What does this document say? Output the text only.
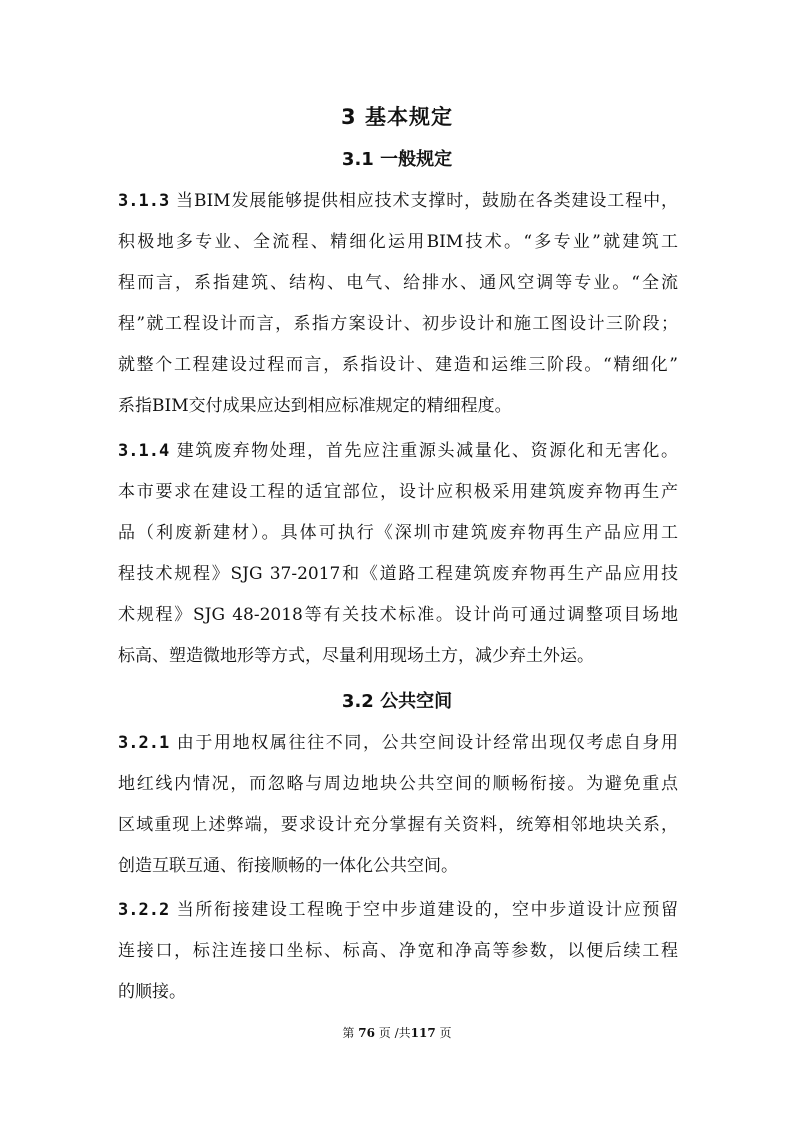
3 基本规定
3.1 一般规定
3.1.3 当BIM发展能够提供相应技术支撑时，鼓励在各类建设工程中，
积极地多专业、全流程、精细化运用BIM技术。“多专业”就建筑工
程而言，系指建筑、结构、电气、给排水、通风空调等专业。“全流
程”就工程设计而言，系指方案设计、初步设计和施工图设计三阶段；
就整个工程建设过程而言，系指设计、建造和运维三阶段。“精细化”
系指BIM交付成果应达到相应标准规定的精细程度。
3.1.4 建筑废弃物处理，首先应注重源头减量化、资源化和无害化。
本市要求在建设工程的适宜部位，设计应积极采用建筑废弃物再生产
品（利废新建材）。具体可执行《深圳市建筑废弃物再生产品应用工
程技术规程》SJG 37-2017和《道路工程建筑废弃物再生产品应用技
术规程》SJG 48-2018等有关技术标准。设计尚可通过调整项目场地
标高、塑造微地形等方式，尽量利用现场土方，减少弃土外运。
3.2 公共空间
3.2.1 由于用地权属往往不同，公共空间设计经常出现仅考虑自身用
地红线内情况，而忽略与周边地块公共空间的顺畅衔接。为避免重点
区域重现上述弊端，要求设计充分掌握有关资料，统筹相邻地块关系，
创造互联互通、衔接顺畅的一体化公共空间。
3.2.2 当所衔接建设工程晚于空中步道建设的，空中步道设计应预留
连接口，标注连接口坐标、标高、净宽和净高等参数，以便后续工程
的顺接。
第 76 页 /共117 页
